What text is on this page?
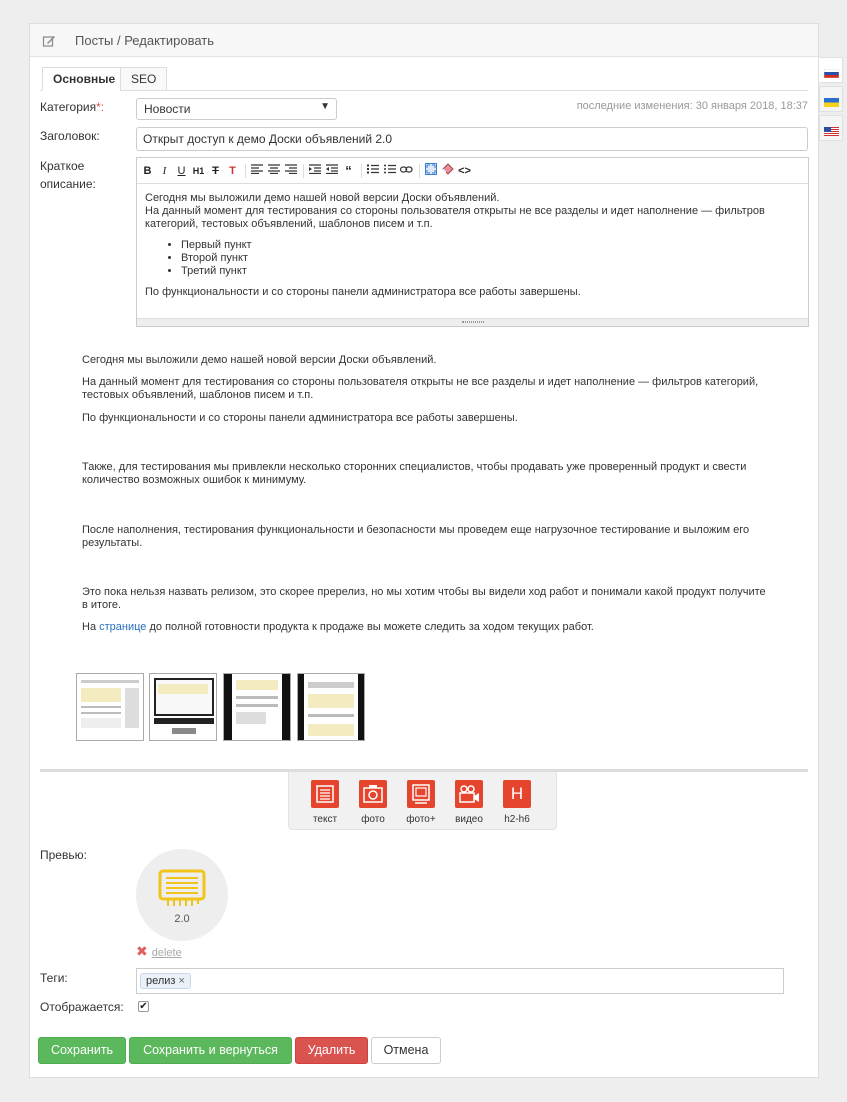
Посты / Редактировать
Основные	SEO
Категория*:	Новости	▼	последние изменения: 30 января 2018, 18:37
Заголовок:	Открыт доступ к демо Доски объявлений 2.0
Краткое
описание:
B	I	U H1 T T	“	<>

Сегодня мы выложили демо нашей новой версии Доски объявлений.

На данный момент для тестирования со стороны пользователя открыты не все разделы и идет наполнение — фильтров категорий, тестовых объявлений, шаблонов писем и т.п.

• Первый пункт
• Второй пункт
• Третий пункт

По функциональности и со стороны панели администратора все работы завершены.

Сегодня мы выложили демо нашей новой версии Доски объявлений.

На данный момент для тестирования со стороны пользователя открыты не все разделы и идет наполнение — фильтров категорий, тестовых объявлений, шаблонов писем и т.п.

По функциональности и со стороны панели администратора все работы завершены.

Также, для тестирования мы привлекли несколько сторонних специалистов, чтобы продавать уже проверенный продукт и свести количество возможных ошибок к минимуму.

После наполнения, тестирования функциональности и безопасности мы проведем еще нагрузочное тестирование и выложим его результаты.

Это пока нельзя назвать релизом, это скорее пререлиз, но мы хотим чтобы вы видели ход работ и понимали какой продукт получите в итоге.

На странице до полной готовности продукта к продаже вы можете следить за ходом текущих работ.

текст	фото	фото+	видео
H
h2-h6
Превью:
2.0
✖ delete
Теги:	релиз ×
Отображается: ✔
Сохранить	Сохранить и вернуться	Удалить	Отмена
